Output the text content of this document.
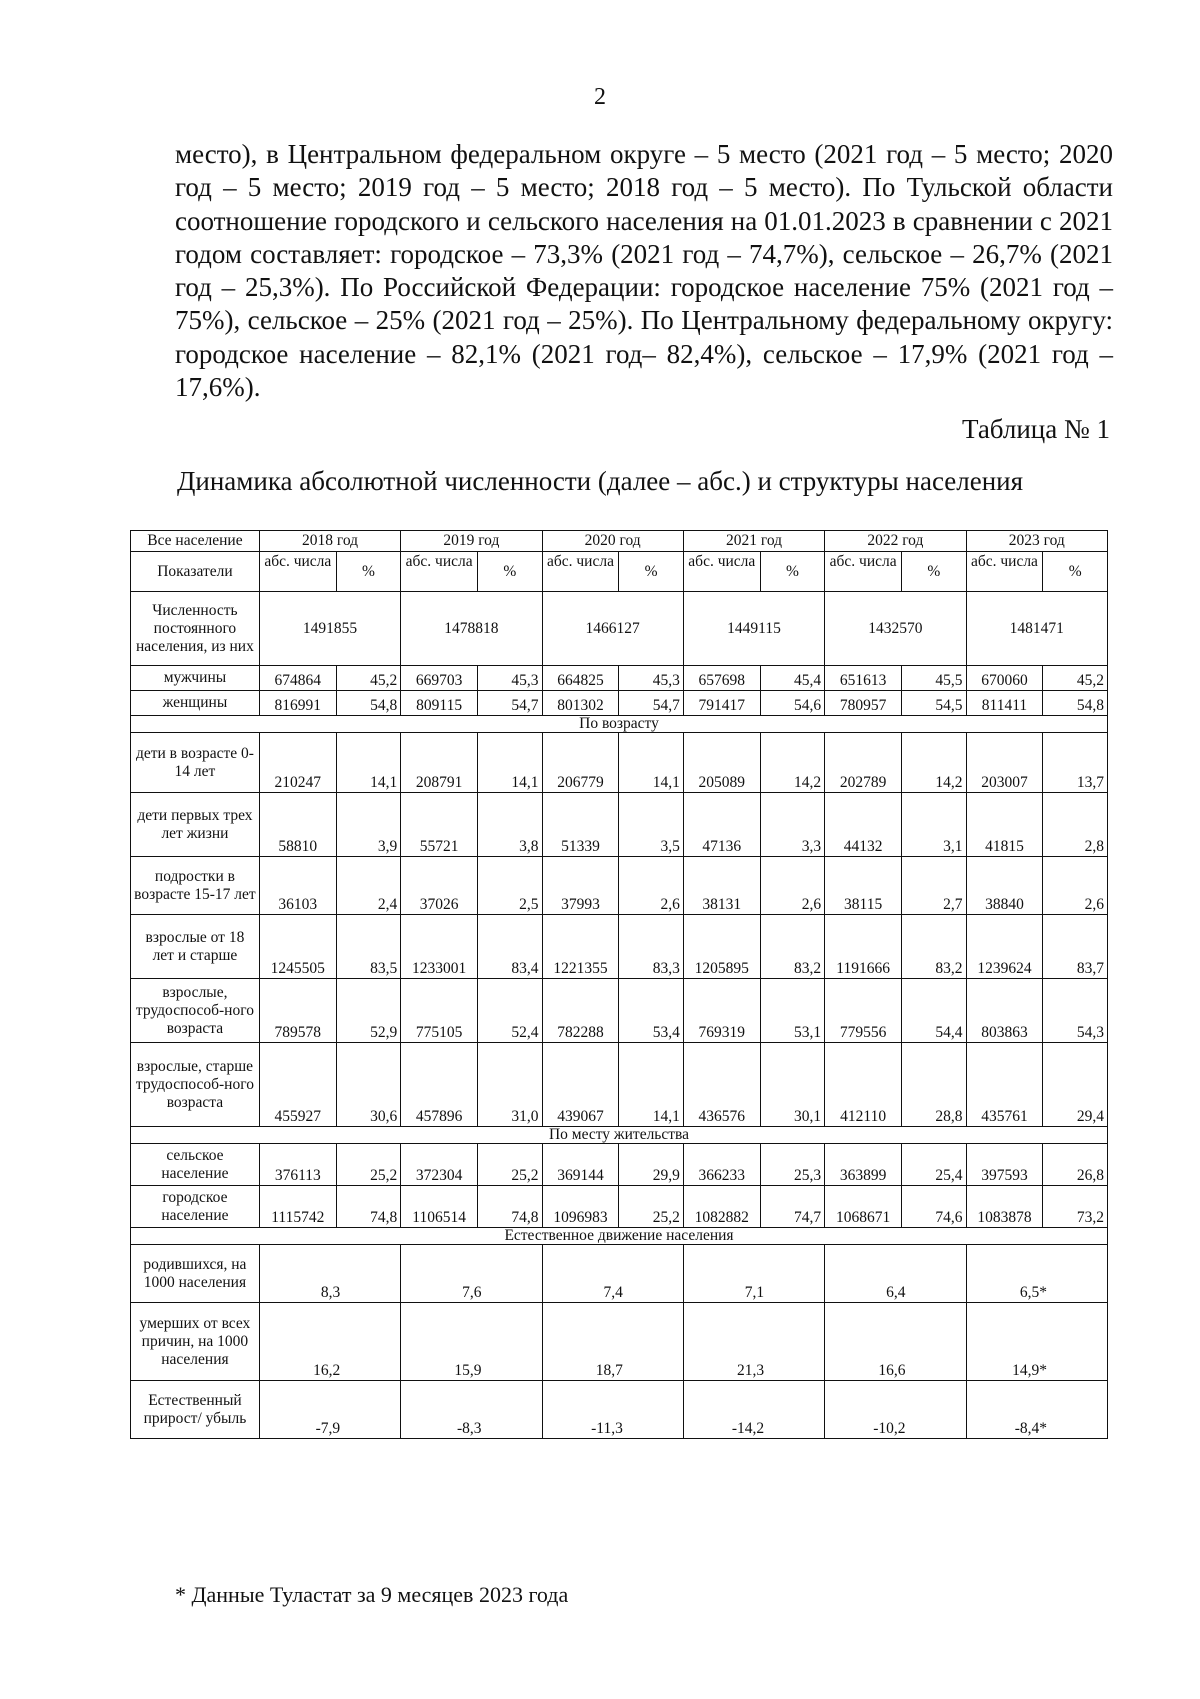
2
место), в Центральном федеральном округе – 5 место (2021 год – 5 место; 2020 год – 5 место; 2019 год – 5 место; 2018 год – 5 место). По Тульской области соотношение городского и сельского населения на 01.01.2023 в сравнении с 2021 годом составляет: городское – 73,3% (2021 год – 74,7%), сельское – 26,7% (2021 год – 25,3%). По Российской Федерации: городское население 75% (2021 год – 75%), сельское – 25% (2021 год – 25%). По Центральному федеральному округу: городское население – 82,1% (2021 год– 82,4%), сельское – 17,9% (2021 год – 17,6%).
Таблица № 1
Динамика абсолютной численности (далее – абс.) и структуры населения
Все население	2018 год		2019 год		2020 год		2021 год		2022 год		2023 год	
Показатели	абс. числа	%	абс. числа	%	абс. числа	%	абс. числа	%	абс. числа	%	абс. числа	%
Численность постоянного населения, из них	1491855		1478818		1466127		1449115		1432570		1481471	
мужчины	674864	45,2	669703	45,3	664825	45,3	657698	45,4	651613	45,5	670060	45,2
женщины	816991	54,8	809115	54,7	801302	54,7	791417	54,6	780957	54,5	811411	54,8
По возрасту												
дети в возрасте 0-14 лет	210247	14,1	208791	14,1	206779	14,1	205089	14,2	202789	14,2	203007	13,7
дети первых трех лет жизни	58810	3,9	55721	3,8	51339	3,5	47136	3,3	44132	3,1	41815	2,8
подростки в возрасте 15-17 лет	36103	2,4	37026	2,5	37993	2,6	38131	2,6	38115	2,7	38840	2,6
взрослые от 18 лет и старше	1245505	83,5	1233001	83,4	1221355	83,3	1205895	83,2	1191666	83,2	1239624	83,7
взрослые, трудоспособ-ного возраста	789578	52,9	775105	52,4	782288	53,4	769319	53,1	779556	54,4	803863	54,3
взрослые, старше трудоспособ-ного возраста	455927	30,6	457896	31,0	439067	14,1	436576	30,1	412110	28,8	435761	29,4
По месту жительства												
сельское население	376113	25,2	372304	25,2	369144	29,9	366233	25,3	363899	25,4	397593	26,8
городское население	1115742	74,8	1106514	74,8	1096983	25,2	1082882	74,7	1068671	74,6	1083878	73,2
Естественное движение населения												
родившихся, на 1000 населения	8,3		7,6		7,4		7,1		6,4		6,5*	
умерших от всех причин, на 1000 населения	16,2		15,9		18,7		21,3		16,6		14,9*	
Естественный прирост/ убыль	-7,9		-8,3		-11,3		-14,2		-10,2		-8,4*	
* Данные Туластат за 9 месяцев 2023 года
